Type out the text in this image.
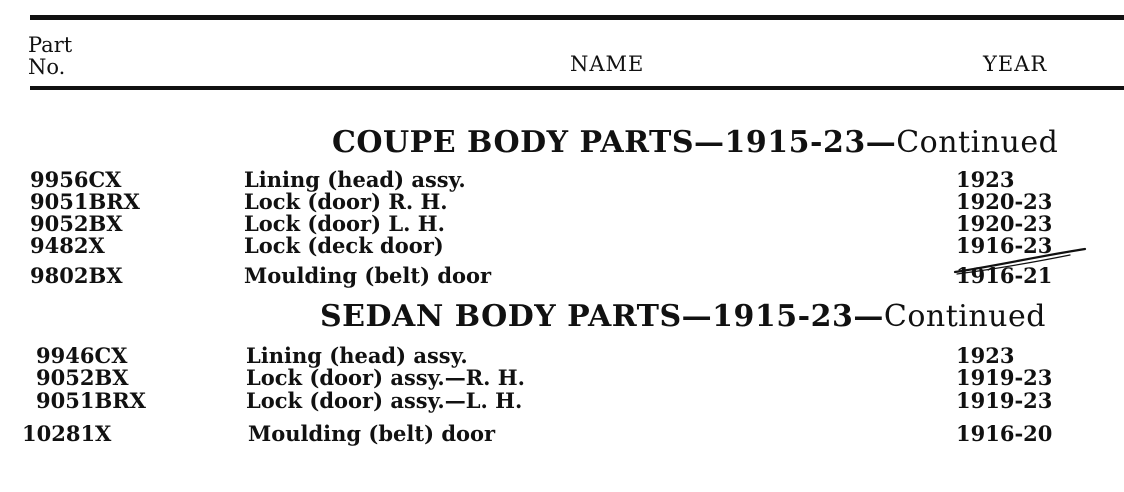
Part
No.	NAME	YEAR
COUPE BODY PARTS—1915-23—Continued
9956CX	Lining (head) assy.	1923
9051BRX	Lock (door) R. H.	1920-23
9052BX	Lock (door) L. H.	1920-23
9482X	Lock (deck door)	1916-23
9802BX	Moulding (belt) door	1916-21
SEDAN BODY PARTS—1915-23—Continued
9946CX	Lining (head) assy.	1923
9052BX	Lock (door) assy.—R. H.	1919-23
9051BRX	Lock (door) assy.—L. H.	1919-23
10281X	Moulding (belt) door	1916-20
